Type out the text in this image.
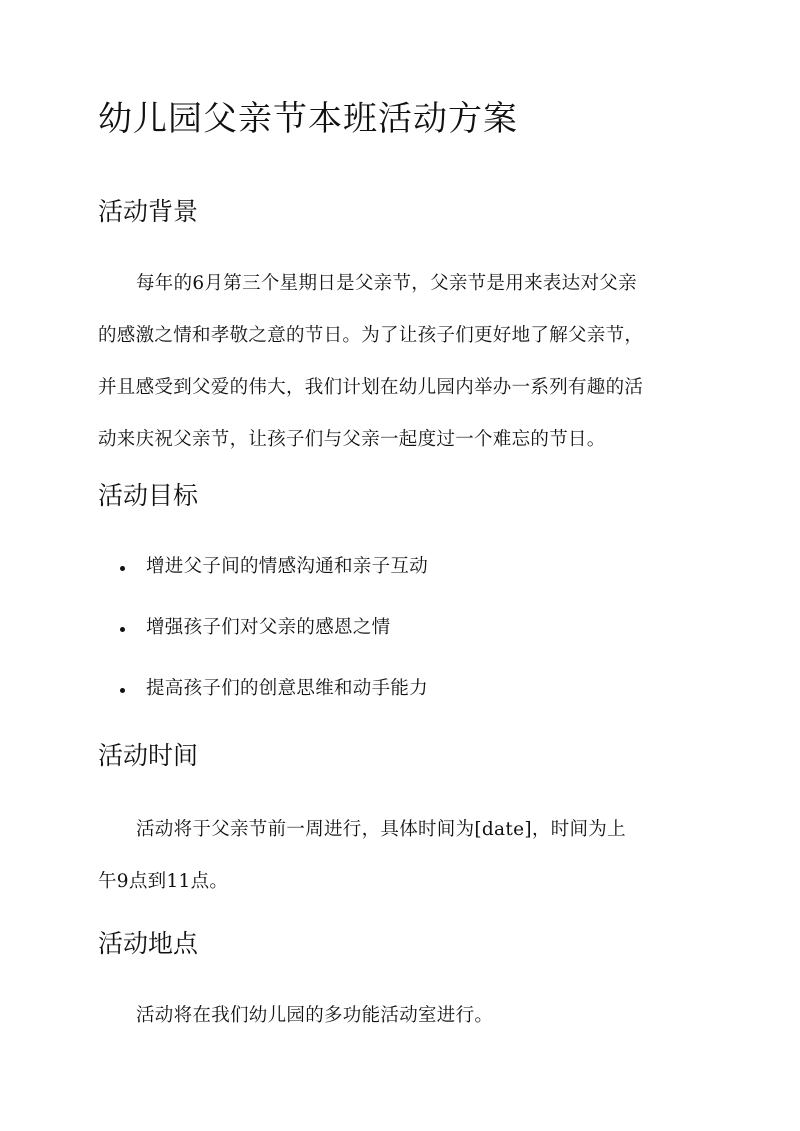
幼儿园父亲节本班活动方案
活动背景

每年的6月第三个星期日是父亲节，父亲节是用来表达对父亲
的感激之情和孝敬之意的节日。为了让孩子们更好地了解父亲节，
并且感受到父爱的伟大，我们计划在幼儿园内举办一系列有趣的活
动来庆祝父亲节，让孩子们与父亲一起度过一个难忘的节日。

活动目标
增进父子间的情感沟通和亲子互动
增强孩子们对父亲的感恩之情
提高孩子们的创意思维和动手能力
活动时间

活动将于父亲节前一周进行，具体时间为[date]，时间为上
午9点到11点。

活动地点

活动将在我们幼儿园的多功能活动室进行。
